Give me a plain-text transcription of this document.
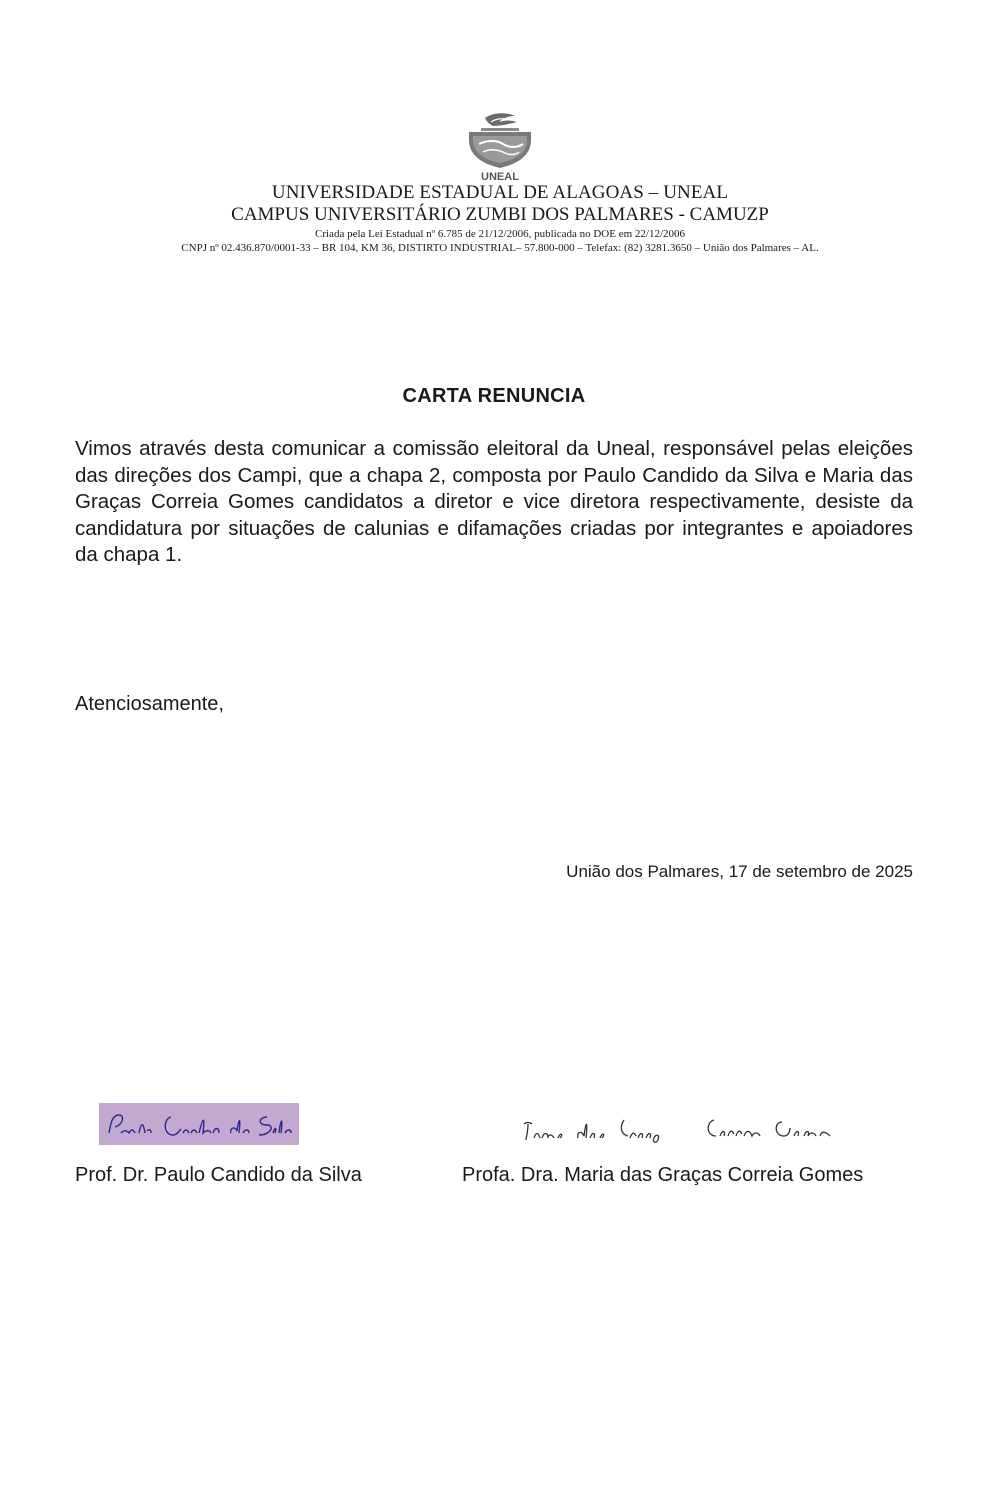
UNEAL
UNIVERSIDADE ESTADUAL DE ALAGOAS – UNEAL
CAMPUS UNIVERSITÁRIO ZUMBI DOS PALMARES - CAMUZP
Criada pela Lei Estadual nº 6.785 de 21/12/2006, publicada no DOE em 22/12/2006
CNPJ nº 02.436.870/0001-33 – BR 104, KM 36, DISTIRTO INDUSTRIAL– 57.800-000 – Telefax: (82) 3281.3650 – União dos Palmares – AL.
CARTA RENUNCIA

Vimos através desta comunicar a comissão eleitoral da Uneal, responsável pelas eleições das direções dos Campi, que a chapa 2, composta por Paulo Candido da Silva e Maria das Graças Correia Gomes candidatos a diretor e vice diretora respectivamente, desiste da candidatura por situações de calunias e difamações criadas por integrantes e apoiadores da chapa 1.

Atenciosamente,
União dos Palmares, 17 de setembro de 2025
Prof. Dr. Paulo Candido da Silva	Profa. Dra. Maria das Graças Correia Gomes
